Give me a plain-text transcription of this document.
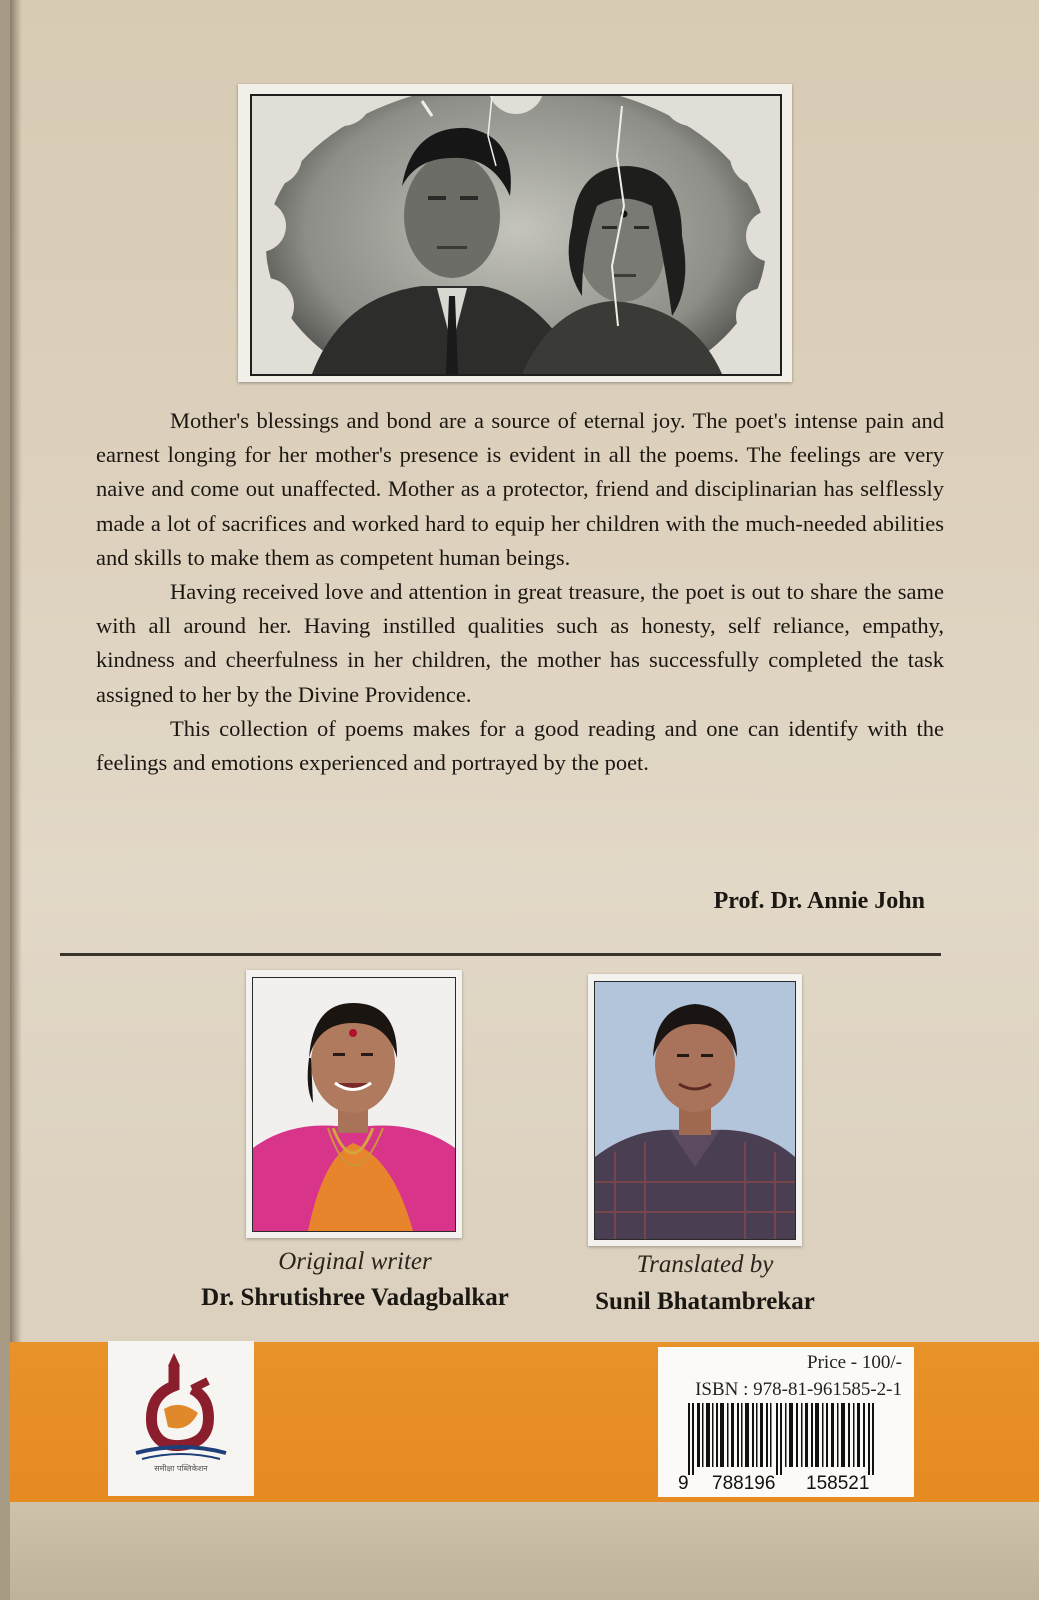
Mother's blessings and bond are a source of eternal joy. The poet's intense pain and earnest longing for her mother's presence is evident in all the poems. The feelings are very naive and come out unaffected. Mother as a protector, friend and disciplinarian has selflessly made a lot of sacrifices and worked hard to equip her children with the much-needed abilities and skills to make them as competent human beings.

Having received love and attention in great treasure, the poet is out to share the same with all around her. Having instilled qualities such as honesty, self reliance, empathy, kindness and cheerfulness in her children, the mother has successfully completed the task assigned to her by the Divine Providence.

This collection of poems makes for a good reading and one can identify with the feelings and emotions experienced and portrayed by the poet.

Prof. Dr. Annie John
Original writer
Dr. Shrutishree Vadagbalkar
Translated by
Sunil Bhatambrekar
समीक्षा पब्लिकेशन
Price - 100/-
ISBN : 978-81-961585-2-1
9 788196 158521
